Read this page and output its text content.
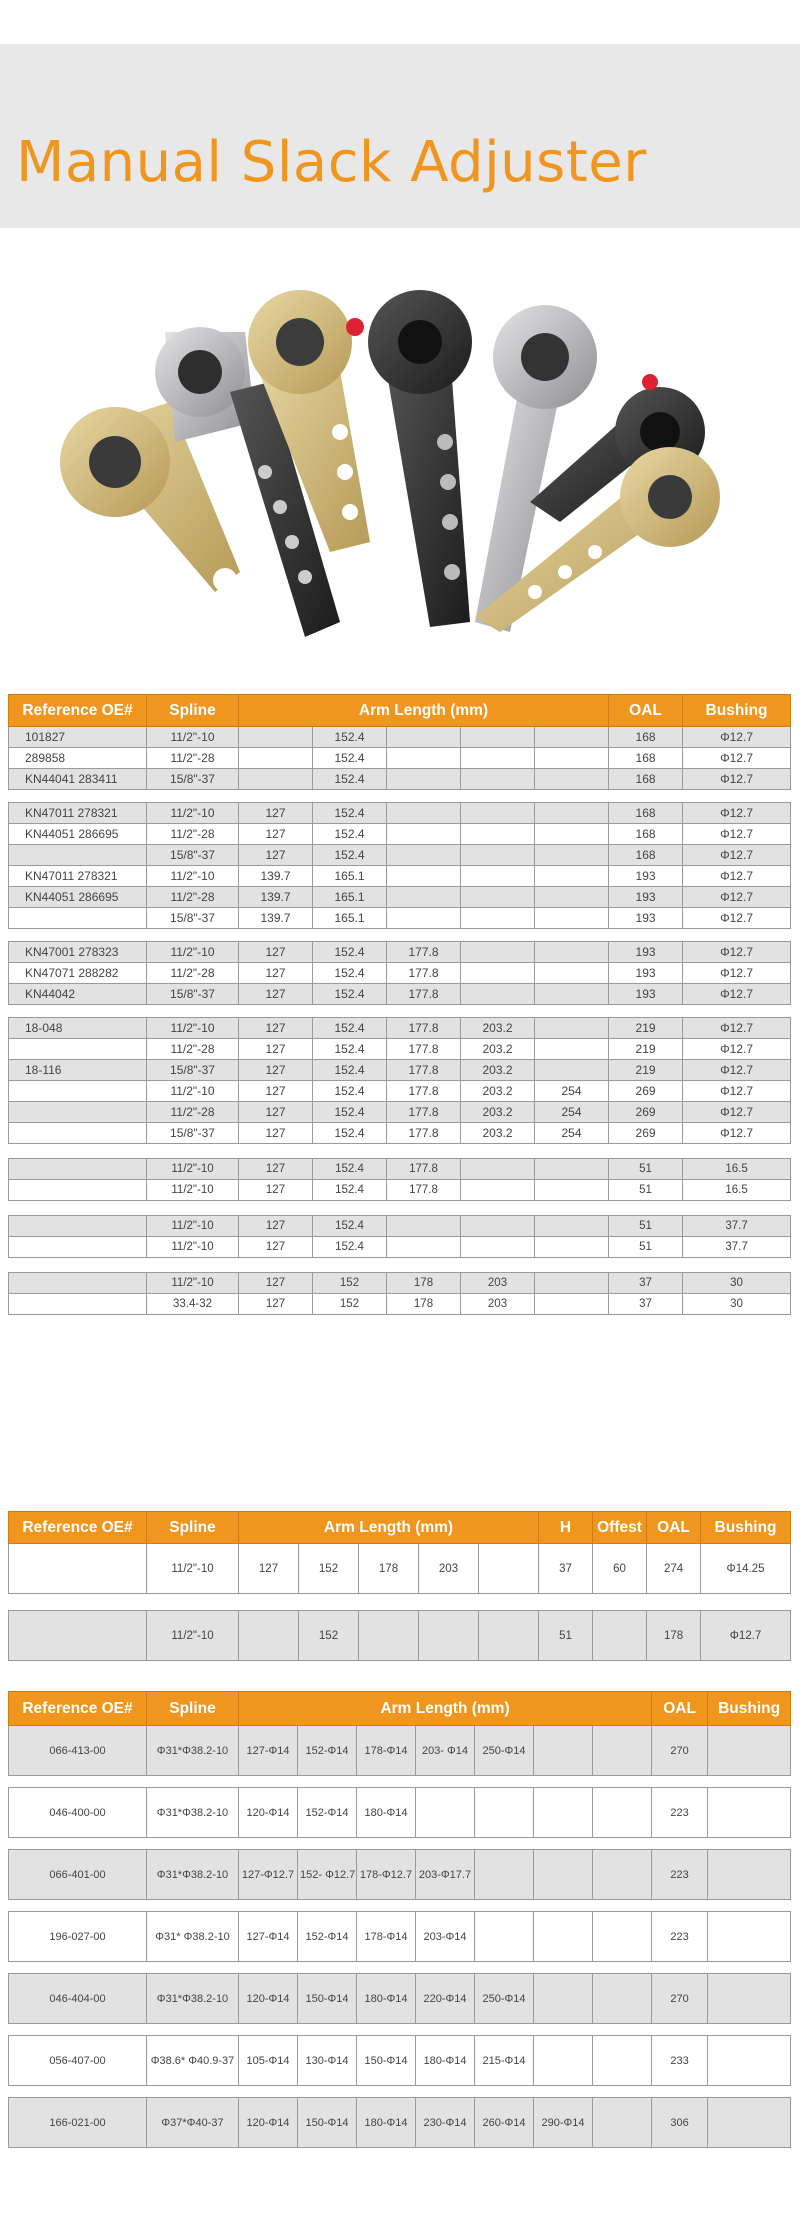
Manual Slack Adjuster
Reference OE#	Spline	Arm Length (mm)					OAL	Bushing	
101827	11/2"-10		152.4				168	Φ12.7	
289858	11/2"-28		152.4				168	Φ12.7	
KN44041 283411	15/8"-37		152.4				168	Φ12.7	

KN47011 278321	11/2"-10	127	152.4				168	Φ12.7	
KN44051 286695	11/2"-28	127	152.4				168	Φ12.7	
	15/8"-37	127	152.4				168	Φ12.7	
KN47011 278321	11/2"-10	139.7	165.1				193	Φ12.7	
KN44051 286695	11/2"-28	139.7	165.1				193	Φ12.7	
	15/8"-37	139.7	165.1				193	Φ12.7	

KN47001 278323	11/2"-10	127	152.4	177.8			193	Φ12.7	
KN47071 288282	11/2"-28	127	152.4	177.8			193	Φ12.7	
KN44042	15/8"-37	127	152.4	177.8			193	Φ12.7	

18-048	11/2"-10	127	152.4	177.8	203.2		219	Φ12.7	
	11/2"-28	127	152.4	177.8	203.2		219	Φ12.7	
18-116	15/8"-37	127	152.4	177.8	203.2		219	Φ12.7	
	11/2"-10	127	152.4	177.8	203.2	254	269	Φ12.7	
	11/2"-28	127	152.4	177.8	203.2	254	269	Φ12.7	
	15/8"-37	127	152.4	177.8	203.2	254	269	Φ12.7	

	11/2"-10	127	152.4	177.8			51	16.5		
	11/2"-10	127	152.4	177.8			51	16.5		

	11/2"-10	127	152.4				51	37.7		
	11/2"-10	127	152.4				51	37.7		

	11/2"-10	127	152	178	203		37	30		
	33.4-32	127	152	178	203		37	30		
Reference OE#	Spline	Arm Length (mm)					H	Offest	OAL	Bushing
	11/2"-10	127	152	178	203		37	60	274	Φ14.25

	11/2"-10		152				51		178	Φ12.7
Reference OE#	Spline	Arm Length (mm)							OAL	Bushing
066-413-00	Φ31*Φ38.2-10	127-Φ14	152-Φ14	178-Φ14	203- Φ14	250-Φ14			270	

046-400-00	Φ31*Φ38.2-10	120-Φ14	152-Φ14	180-Φ14					223	

066-401-00	Φ31*Φ38.2-10	127-Φ12.7	152- Φ12.7	178-Φ12.7	203-Φ17.7				223	

196-027-00	Φ31* Φ38.2-10	127-Φ14	152-Φ14	178-Φ14	203-Φ14				223	

046-404-00	Φ31*Φ38.2-10	120-Φ14	150-Φ14	180-Φ14	220-Φ14	250-Φ14			270	

056-407-00	Φ38.6* Φ40.9-37	105-Φ14	130-Φ14	150-Φ14	180-Φ14	215-Φ14			233	

166-021-00	Φ37*Φ40-37	120-Φ14	150-Φ14	180-Φ14	230-Φ14	260-Φ14	290-Φ14		306	
